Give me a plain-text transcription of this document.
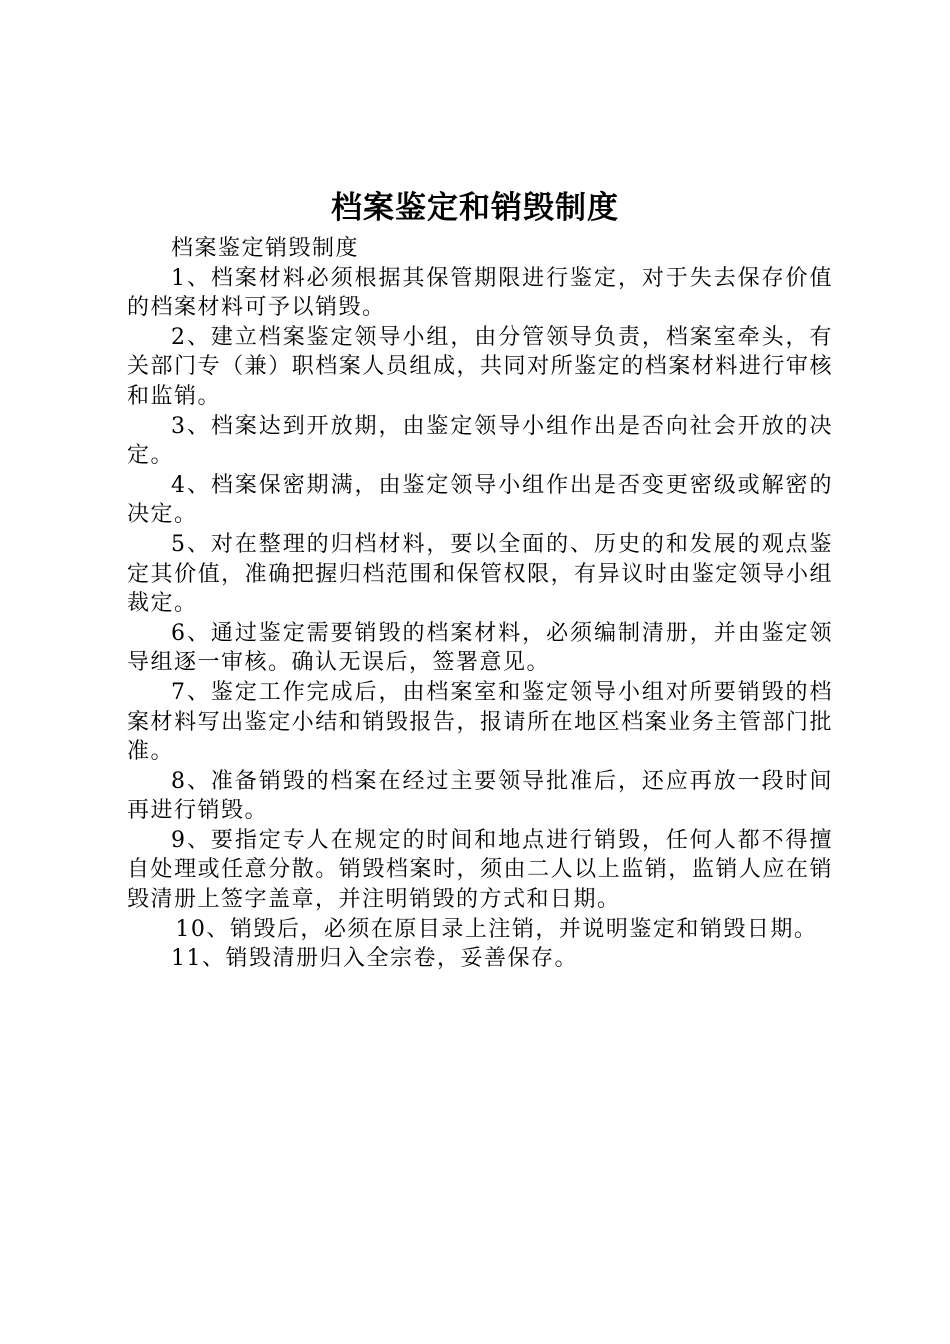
档案鉴定和销毁制度

档案鉴定销毁制度

1、档案材料必须根据其保管期限进行鉴定，对于失去保存价值的档案材料可予以销毁。

2、建立档案鉴定领导小组，由分管领导负责，档案室牵头，有关部门专（兼）职档案人员组成，共同对所鉴定的档案材料进行审核和监销。

3、档案达到开放期，由鉴定领导小组作出是否向社会开放的决定。

4、档案保密期满，由鉴定领导小组作出是否变更密级或解密的决定。

5、对在整理的归档材料，要以全面的、历史的和发展的观点鉴定其价值，准确把握归档范围和保管权限，有异议时由鉴定领导小组裁定。

6、通过鉴定需要销毁的档案材料，必须编制清册，并由鉴定领导组逐一审核。确认无误后，签署意见。

7、鉴定工作完成后，由档案室和鉴定领导小组对所要销毁的档案材料写出鉴定小结和销毁报告，报请所在地区档案业务主管部门批准。

8、准备销毁的档案在经过主要领导批准后，还应再放一段时间再进行销毁。

9、要指定专人在规定的时间和地点进行销毁，任何人都不得擅自处理或任意分散。销毁档案时，须由二人以上监销，监销人应在销毁清册上签字盖章，并注明销毁的方式和日期。

10、销毁后，必须在原目录上注销，并说明鉴定和销毁日期。

11、销毁清册归入全宗卷，妥善保存。
